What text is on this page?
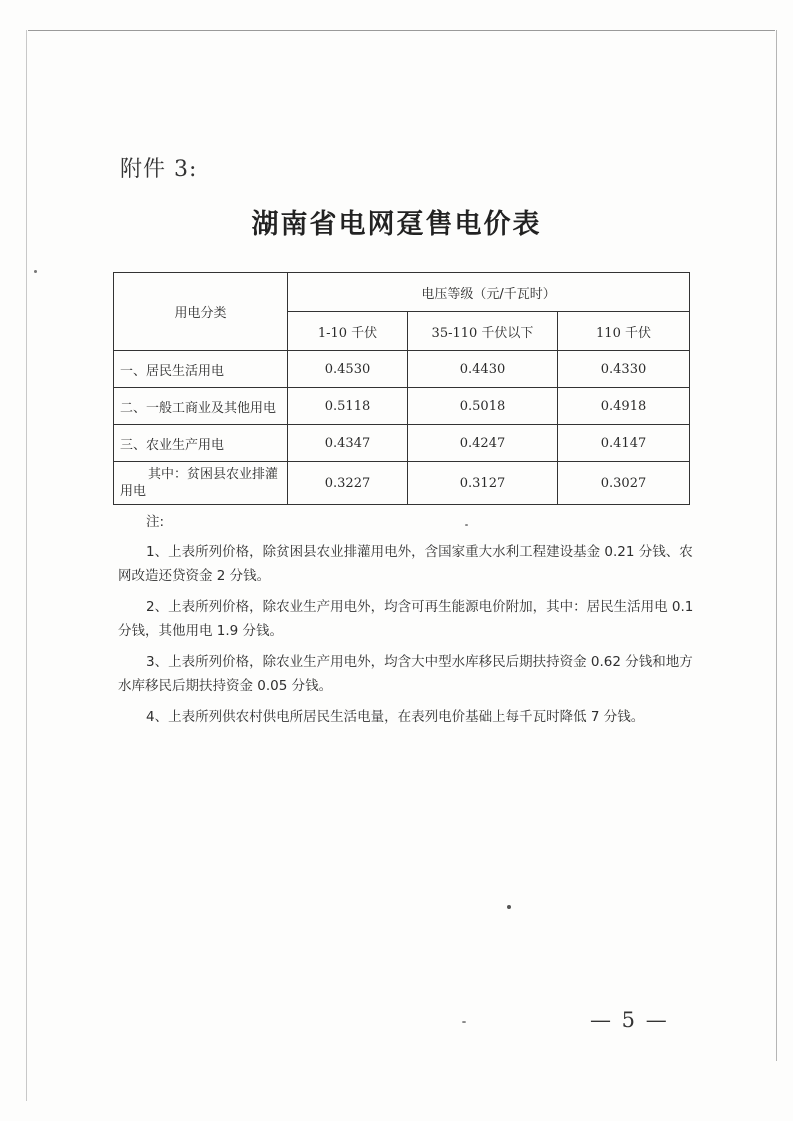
附件 3:
湖南省电网趸售电价表
用电分类	电压等级（元/千瓦时）		
	1-10 千伏	35-110 千伏以下	110 千伏
一、居民生活用电	0.4530	0.4430	0.4330
二、一般工商业及其他用电	0.5118	0.5018	0.4918
三、农业生产用电	0.4347	0.4247	0.4147

其中：贫困县农业排灌
用电	0.3227	0.3127	0.3027
注:

1、上表所列价格，除贫困县农业排灌用电外，含国家重大水利工程建设基金 0.21 分钱、农网改造还贷资金 2 分钱。

2、上表所列价格，除农业生产用电外，均含可再生能源电价附加，其中：居民生活用电 0.1 分钱，其他用电 1.9 分钱。

3、上表所列价格，除农业生产用电外，均含大中型水库移民后期扶持资金 0.62 分钱和地方水库移民后期扶持资金 0.05 分钱。

4、上表所列供农村供电所居民生活电量，在表列电价基础上每千瓦时降低 7 分钱。

— 5 —
